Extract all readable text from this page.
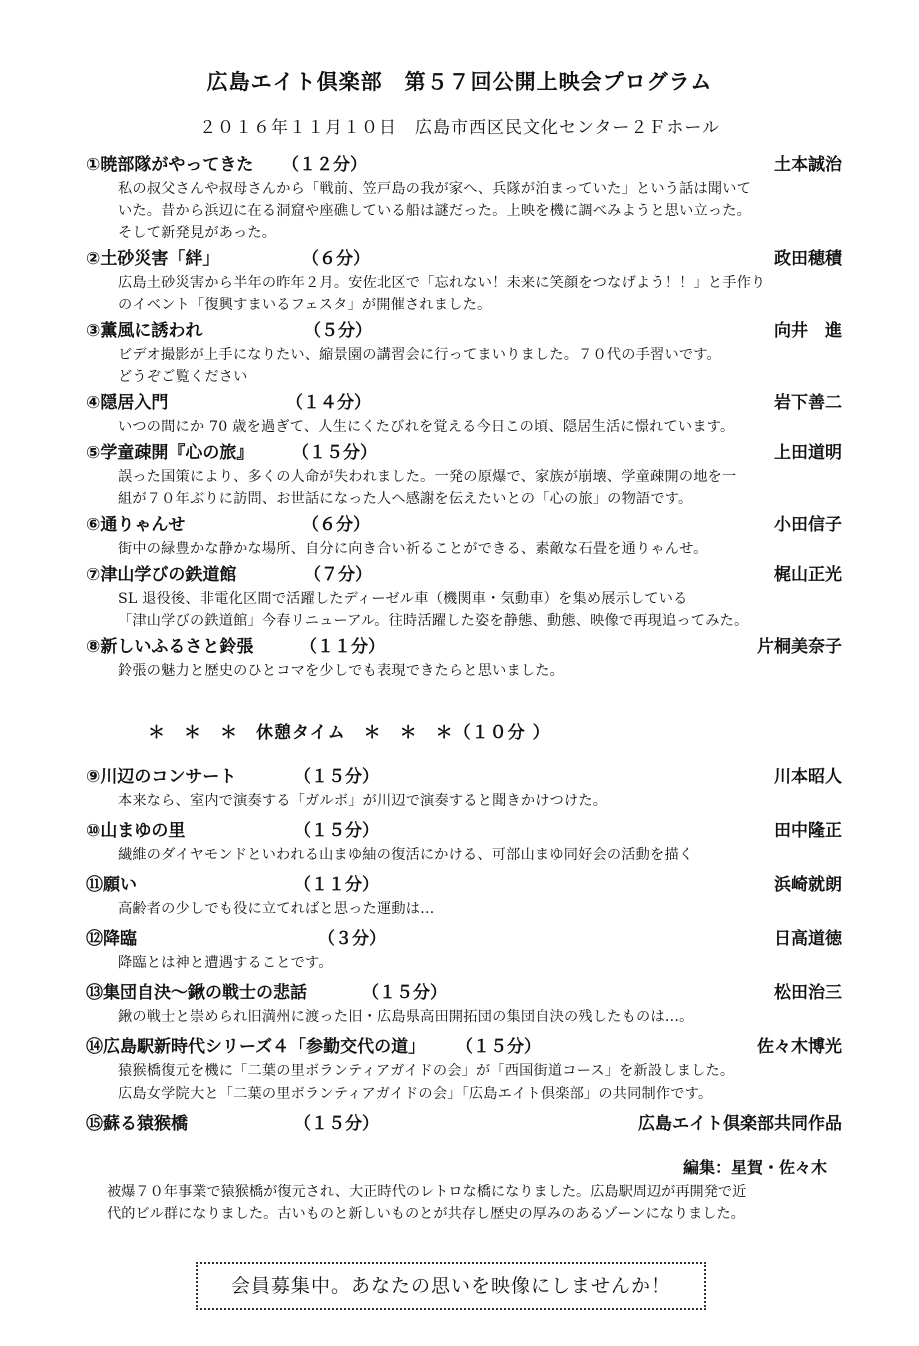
広島エイト倶楽部　第５７回公開上映会プログラム
２０１６年１１月１０日　広島市西区民文化センター２Ｆホール
①暁部隊がやってきた （１２分）	土本誠治
私の叔父さんや叔母さんから「戦前、笠戸島の我が家へ、兵隊が泊まっていた」という話は聞いて
いた。昔から浜辺に在る洞窟や座礁している船は謎だった。上映を機に調べみようと思い立った。
そして新発見があった。
②土砂災害「絆」	（６分）	政田穂積
広島土砂災害から半年の昨年２月。安佐北区で「忘れない！未来に笑顔をつなげよう！！」と手作り
のイベント「復興すまいるフェスタ」が開催されました。
③薫風に誘われ	（５分）	向井　進
ビデオ撮影が上手になりたい、縮景園の講習会に行ってまいりました。７０代の手習いです。
どうぞご覧ください
④隠居入門	（１４分）	岩下善二
いつの間にか 70 歳を過ぎて、人生にくたびれを覚える今日この頃、隠居生活に憬れています。
⑤学童疎開『心の旅』 （１５分）	上田道明
誤った国策により、多くの人命が失われました。一発の原爆で、家族が崩壊、学童疎開の地を一
組が７０年ぶりに訪問、お世話になった人へ感謝を伝えたいとの「心の旅」の物語です。
⑥通りゃんせ	（６分）	小田信子
街中の緑豊かな静かな場所、自分に向き合い祈ることができる、素敵な石畳を通りゃんせ。
⑦津山学びの鉄道館	（７分）	梶山正光
SL 退役後、非電化区間で活躍したディーゼル車（機関車・気動車）を集め展示している
「津山学びの鉄道館」今春リニューアル。往時活躍した姿を静態、動態、映像で再現追ってみた。
⑧新しいふるさと鈴張	（１１分）	片桐美奈子
鈴張の魅力と歴史のひとコマを少しでも表現できたらと思いました。
＊　＊　＊　休憩タイム　＊　＊　＊（１０分 ）
⑨川辺のコンサート	（１５分）	川本昭人
本来なら、室内で演奏する「ガルボ」が川辺で演奏すると聞きかけつけた。
⑩山まゆの里	（１５分）	田中隆正
繊維のダイヤモンドといわれる山まゆ紬の復活にかける、可部山まゆ同好会の活動を描く
⑪願い	（１１分）	浜崎就朗
高齢者の少しでも役に立てればと思った運動は…
⑫降臨	（３分）	日高道徳
降臨とは神と遭遇することです。
⑬集団自決～鍬の戦士の悲話	（１５分）	松田治三
鍬の戦士と崇められ旧満州に渡った旧・広島県高田開拓団の集団自決の残したものは…。
⑭広島駅新時代シリーズ４「参勤交代の道」 （１５分）	佐々木博光
猿猴橋復元を機に「二葉の里ボランティアガイドの会」が「西国街道コース」を新設しました。
広島女学院大と「二葉の里ボランティアガイドの会」「広島エイト倶楽部」の共同制作です。
⑮蘇る猿猴橋	（１５分）	広島エイト倶楽部共同作品
編集：星賀・佐々木
被爆７０年事業で猿猴橋が復元され、大正時代のレトロな橋になりました。広島駅周辺が再開発で近
代的ビル群になりました。古いものと新しいものとが共存し歴史の厚みのあるゾーンになりました。
会員募集中。あなたの思いを映像にしませんか！
